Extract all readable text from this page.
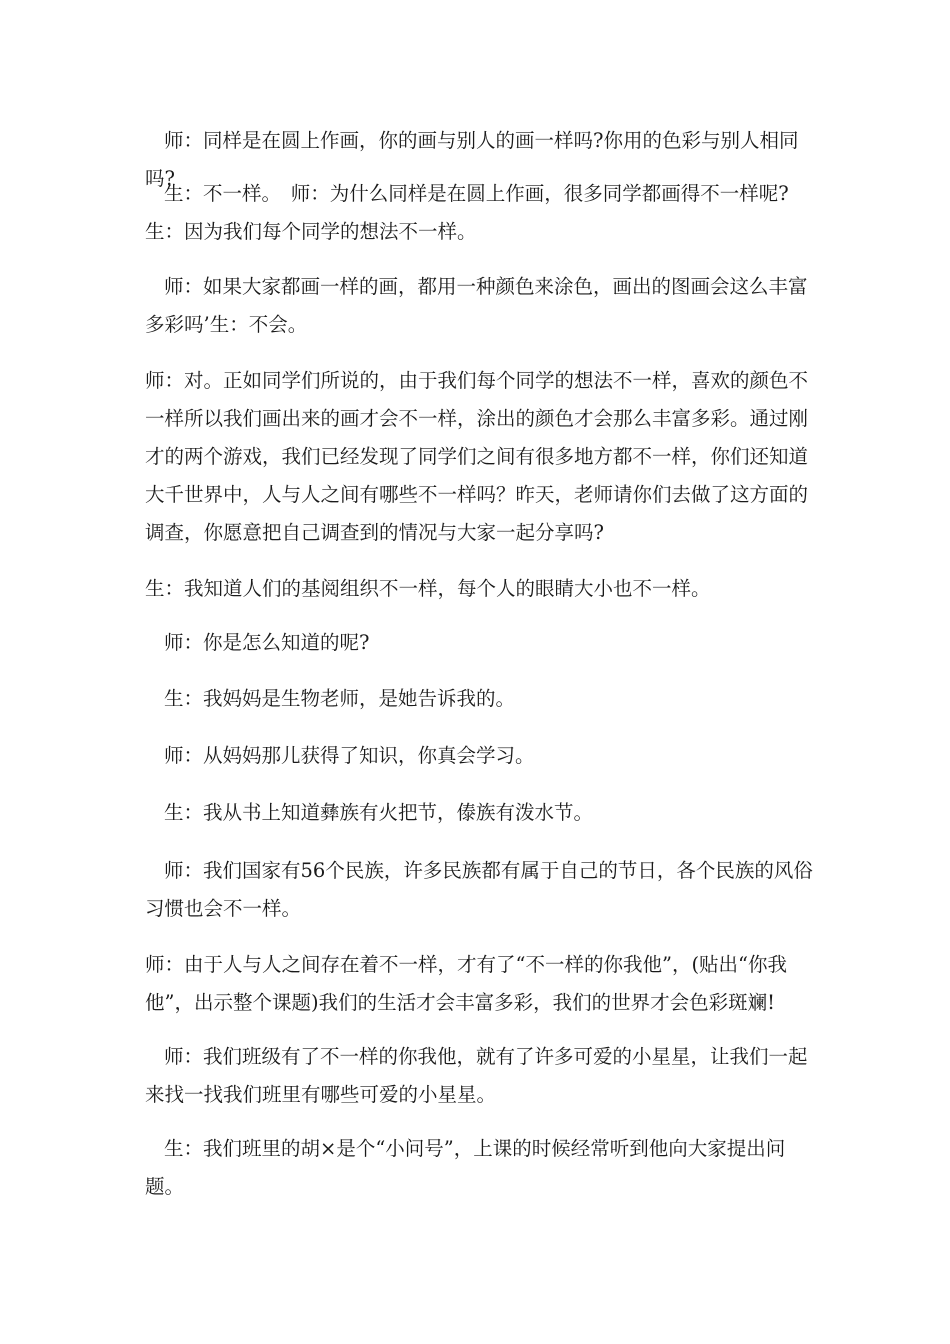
师：同样是在圆上作画，你的画与别人的画一样吗?你用的色彩与别人相同吗?

生：不一样。　师：为什么同样是在圆上作画，很多同学都画得不一样呢?生：因为我们每个同学的想法不一样。

师：如果大家都画一样的画，都用一种颜色来涂色，画出的图画会这么丰富多彩吗’生：不会。

师：对。正如同学们所说的，由于我们每个同学的想法不一样，喜欢的颜色不一样所以我们画出来的画才会不一样，涂出的颜色才会那么丰富多彩。通过刚才的两个游戏，我们已经发现了同学们之间有很多地方都不一样，你们还知道大千世界中，人与人之间有哪些不一样吗？昨天，老师请你们去做了这方面的调查，你愿意把自己调查到的情况与大家一起分享吗?

生：我知道人们的基阅组织不一样，每个人的眼睛大小也不一样。

师：你是怎么知道的呢?

生：我妈妈是生物老师，是她告诉我的。

师：从妈妈那儿获得了知识，你真会学习。

生：我从书上知道彝族有火把节，傣族有泼水节。

师：我们国家有56个民族，许多民族都有属于自己的节日，各个民族的风俗习惯也会不一样。

师：由于人与人之间存在着不一样，才有了“不一样的你我他”，(贴出“你我他”，出示整个课题)我们的生活才会丰富多彩，我们的世界才会色彩斑斓!

师：我们班级有了不一样的你我他，就有了许多可爱的小星星，让我们一起来找一找我们班里有哪些可爱的小星星。

生：我们班里的胡×是个“小问号”，上课的时候经常听到他向大家提出问题。
